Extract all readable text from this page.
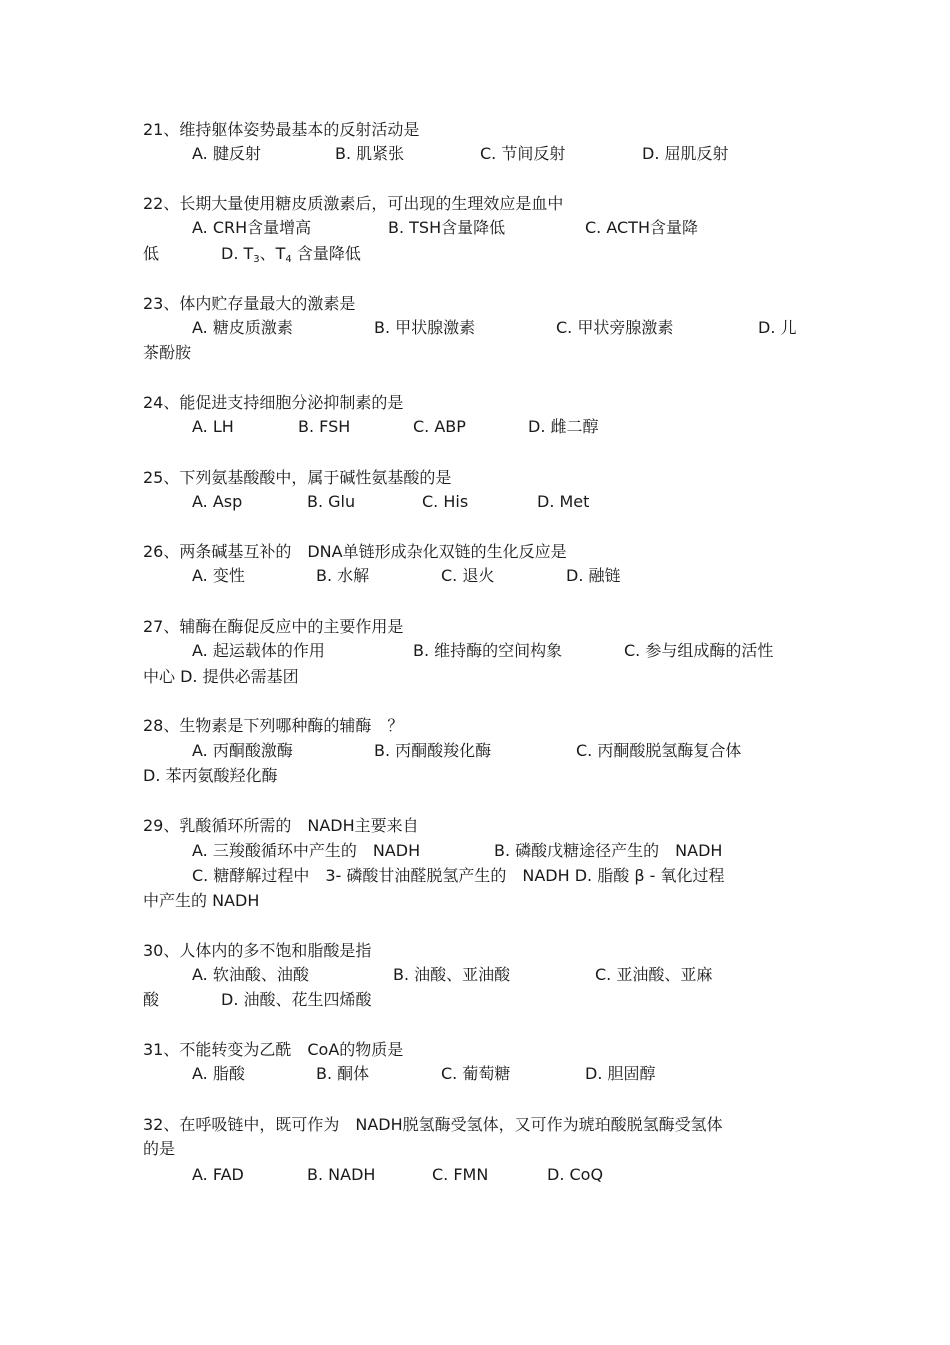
21、维持躯体姿势最基本的反射活动是
A. 腱反射	B. 肌紧张	C. 节间反射	D. 屈肌反射
22、长期大量使用糖皮质激素后，可出现的生理效应是血中
A. CRH含量增高	B. TSH含量降低	C. ACTH含量降
低	D. T3、T4 含量降低
23、体内贮存量最大的激素是
A. 糖皮质激素	B. 甲状腺激素	C. 甲状旁腺激素	D. 儿
茶酚胺
24、能促进支持细胞分泌抑制素的是
A. LH	B. FSH	C. ABP	D. 雌二醇
25、下列氨基酸酸中，属于碱性氨基酸的是
A. Asp	B. Glu	C. His	D. Met
26、两条碱基互补的　DNA单链形成杂化双链的生化反应是
A. 变性	B. 水解	C. 退火	D. 融链
27、辅酶在酶促反应中的主要作用是
A. 起运载体的作用	B. 维持酶的空间构象	C. 参与组成酶的活性
中心 D. 提供必需基团
28、生物素是下列哪种酶的辅酶　？
A. 丙酮酸激酶	B. 丙酮酸羧化酶	C. 丙酮酸脱氢酶复合体
D. 苯丙氨酸羟化酶
29、乳酸循环所需的　NADH主要来自
A. 三羧酸循环中产生的　NADH	B. 磷酸戊糖途径产生的　NADH
C. 糖酵解过程中　3- 磷酸甘油醛脱氢产生的　NADH D. 脂酸 β - 氧化过程
中产生的 NADH
30、人体内的多不饱和脂酸是指
A. 软油酸、油酸	B. 油酸、亚油酸	C. 亚油酸、亚麻
酸	D. 油酸、花生四烯酸
31、不能转变为乙酰　CoA的物质是
A. 脂酸	B. 酮体	C. 葡萄糖	D. 胆固醇
32、在呼吸链中，既可作为　NADH脱氢酶受氢体，又可作为琥珀酸脱氢酶受氢体
的是
A. FAD	B. NADH	C. FMN	D. CoQ
